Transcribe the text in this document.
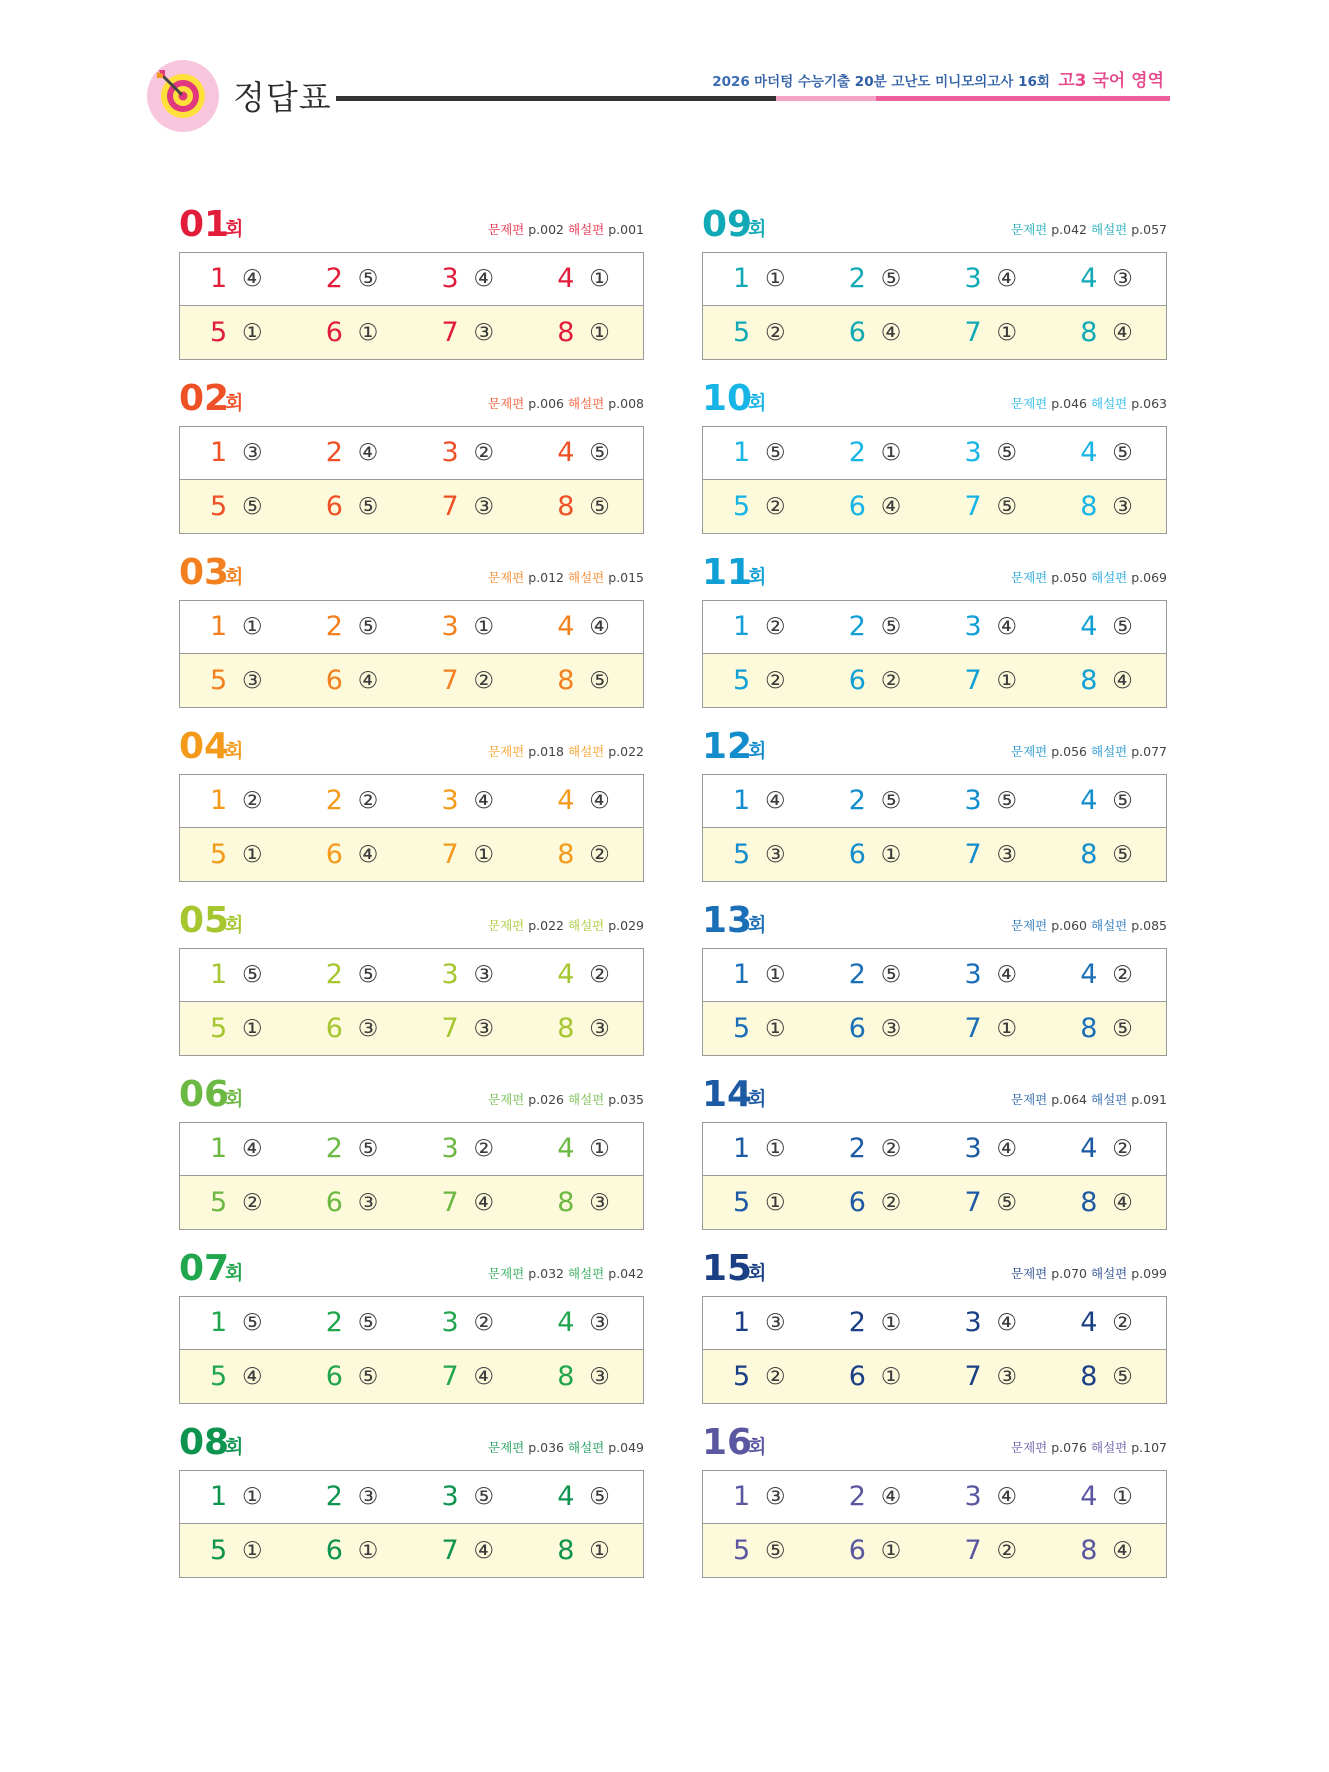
정답표	2026 마더텅 수능기출 20분 고난도 미니모의고사 16회 고3 국어 영역
01
회	문제편 p.002 해설편 p.001
1 ④ 2 ⑤ 3 ④ 4 ①
5 ① 6 ① 7 ③ 8 ①
02
회	문제편 p.006 해설편 p.008
1 ③ 2 ④ 3 ② 4 ⑤
5 ⑤ 6 ⑤ 7 ③ 8 ⑤
03
회	문제편 p.012 해설편 p.015
1 ① 2 ⑤ 3 ① 4 ④
5 ③ 6 ④ 7 ② 8 ⑤
04
회	문제편 p.018 해설편 p.022
1 ② 2 ② 3 ④ 4 ④
5 ① 6 ④ 7 ① 8 ②
05
회	문제편 p.022 해설편 p.029
1 ⑤ 2 ⑤ 3 ③ 4 ②
5 ① 6 ③ 7 ③ 8 ③
06
회	문제편 p.026 해설편 p.035
1 ④ 2 ⑤ 3 ② 4 ①
5 ② 6 ③ 7 ④ 8 ③
07
회	문제편 p.032 해설편 p.042
1 ⑤ 2 ⑤ 3 ② 4 ③
5 ④ 6 ⑤ 7 ④ 8 ③
08
회	문제편 p.036 해설편 p.049
1 ① 2 ③ 3 ⑤ 4 ⑤
5 ① 6 ① 7 ④ 8 ①
09
회	문제편 p.042 해설편 p.057
1 ① 2 ⑤ 3 ④ 4 ③
5 ② 6 ④ 7 ① 8 ④
10
회	문제편 p.046 해설편 p.063
1 ⑤ 2 ① 3 ⑤ 4 ⑤
5 ② 6 ④ 7 ⑤ 8 ③
11
회	문제편 p.050 해설편 p.069
1 ② 2 ⑤ 3 ④ 4 ⑤
5 ② 6 ② 7 ① 8 ④
12
회	문제편 p.056 해설편 p.077
1 ④ 2 ⑤ 3 ⑤ 4 ⑤
5 ③ 6 ① 7 ③ 8 ⑤
13
회	문제편 p.060 해설편 p.085
1 ① 2 ⑤ 3 ④ 4 ②
5 ① 6 ③ 7 ① 8 ⑤
14
회	문제편 p.064 해설편 p.091
1 ① 2 ② 3 ④ 4 ②
5 ① 6 ② 7 ⑤ 8 ④
15
회	문제편 p.070 해설편 p.099
1 ③ 2 ① 3 ④ 4 ②
5 ② 6 ① 7 ③ 8 ⑤
16
회	문제편 p.076 해설편 p.107
1 ③ 2 ④ 3 ④ 4 ①
5 ⑤ 6 ① 7 ② 8 ④
